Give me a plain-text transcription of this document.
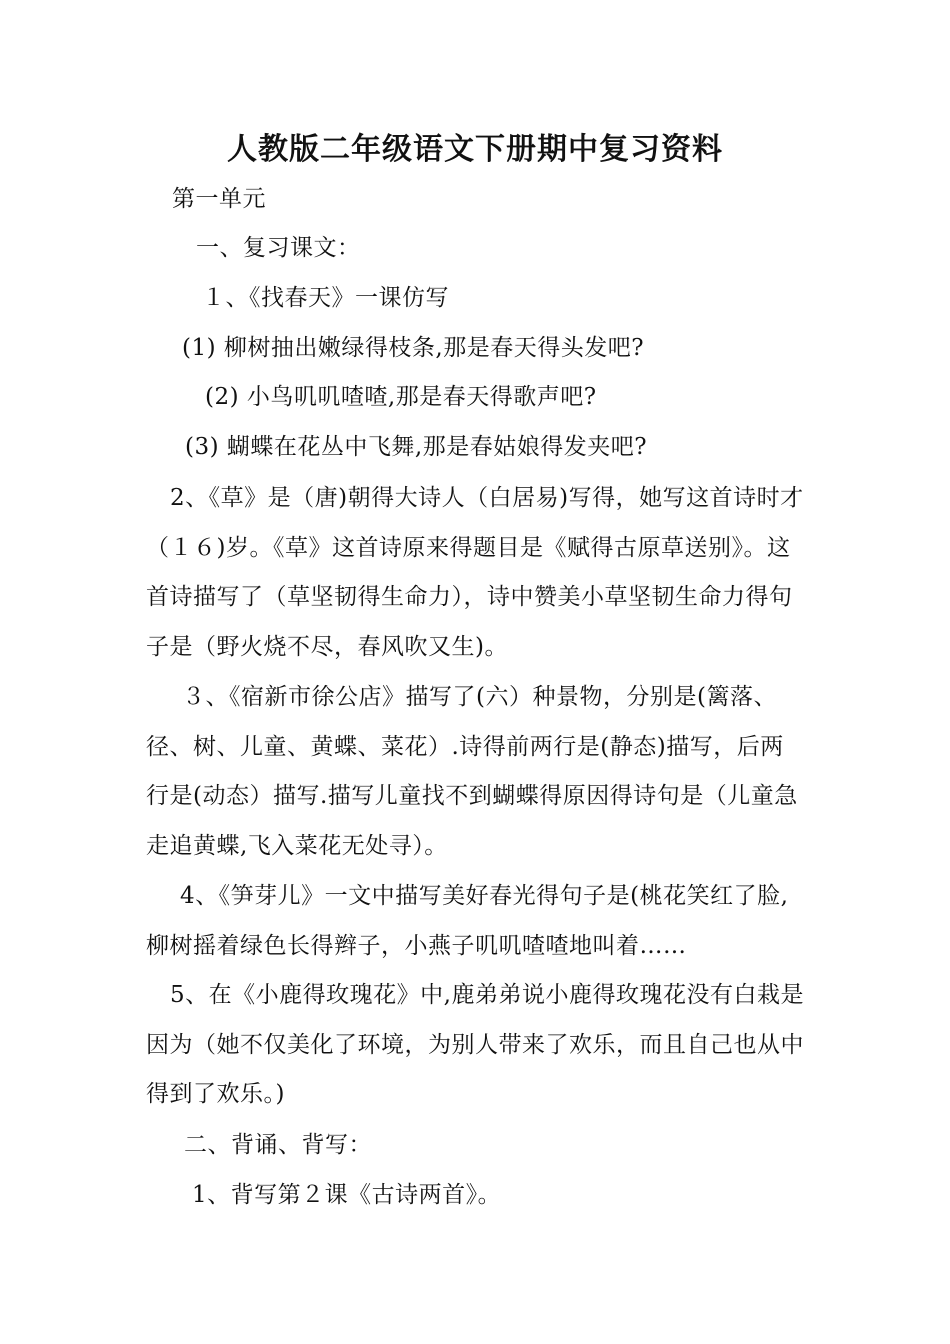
人教版二年级语文下册期中复习资料
第一单元
一、复习课文：
１、《找春天》一课仿写
(1) 柳树抽出嫩绿得枝条,那是春天得头发吧?
(2) 小鸟叽叽喳喳,那是春天得歌声吧?
(3) 蝴蝶在花丛中飞舞,那是春姑娘得发夹吧?
2、《草》是（唐)朝得大诗人（白居易)写得，她写这首诗时才（１６)岁。《草》这首诗原来得题目是《赋得古原草送别》。这首诗描写了（草坚韧得生命力），诗中赞美小草坚韧生命力得句子是（野火烧不尽，春风吹又生)。
３、《宿新市徐公店》描写了(六）种景物，分别是(篱落、径、树、儿童、黄蝶、菜花）.诗得前两行是(静态)描写，后两行是(动态）描写.描写儿童找不到蝴蝶得原因得诗句是（儿童急走追黄蝶,飞入菜花无处寻）。
4、《笋芽儿》一文中描写美好春光得句子是(桃花笑红了脸,柳树摇着绿色长得辫子，小燕子叽叽喳喳地叫着……
5、在《小鹿得玫瑰花》中,鹿弟弟说小鹿得玫瑰花没有白栽是因为（她不仅美化了环境，为别人带来了欢乐，而且自己也从中得到了欢乐。)
二、背诵、背写：
1、背写第２课《古诗两首》。
